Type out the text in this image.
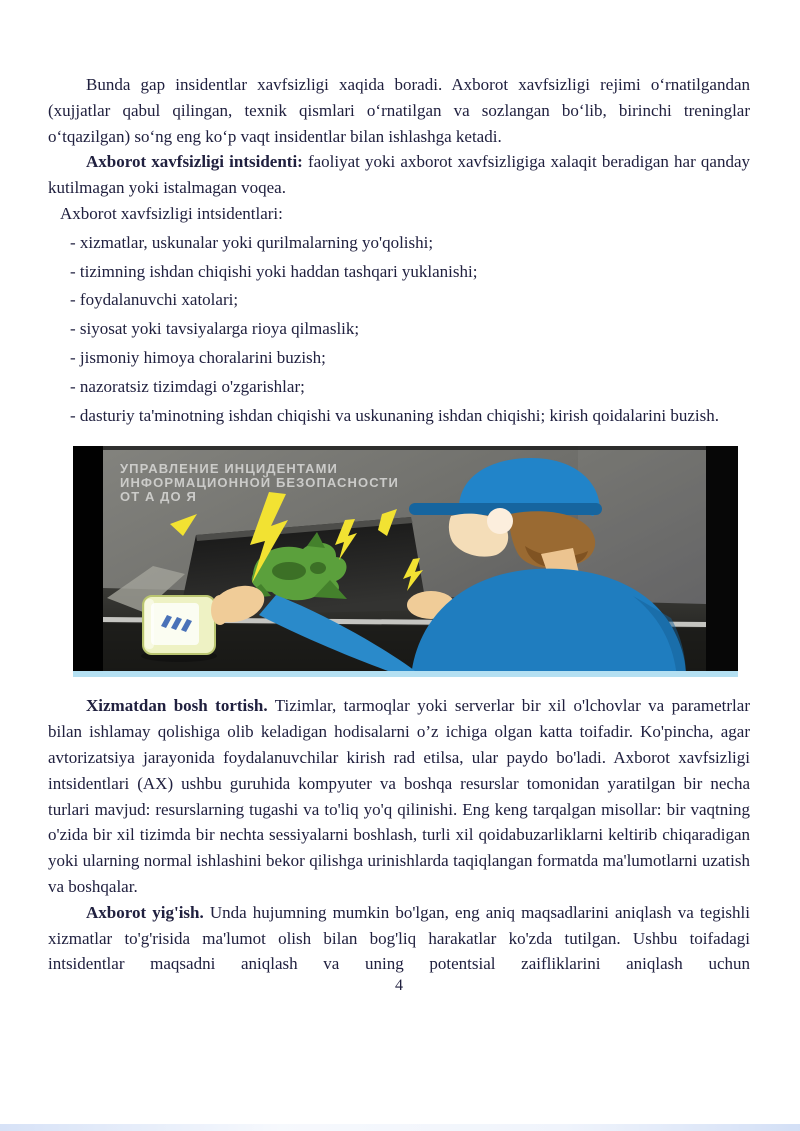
Bunda gap insidentlar xavfsizligi xaqida boradi. Axborot xavfsizligi rejimi o‘rnatilgandan (xujjatlar qabul qilingan, texnik qismlari o‘rnatilgan va sozlangan bo‘lib, birinchi treninglar o‘tqazilgan) so‘ng eng ko‘p vaqt insidentlar bilan ishlashga ketadi.

Axborot xavfsizligi intsidenti: faoliyat yoki axborot xavfsizligiga xalaqit beradigan har qanday kutilmagan yoki istalmagan voqea.

Axborot xavfsizligi intsidentlari:

- xizmatlar, uskunalar yoki qurilmalarning yo'qolishi;

- tizimning ishdan chiqishi yoki haddan tashqari yuklanishi;

- foydalanuvchi xatolari;

- siyosat yoki tavsiyalarga rioya qilmaslik;

- jismoniy himoya choralarini buzish;

- nazoratsiz tizimdagi o'zgarishlar;

- dasturiy ta'minotning ishdan chiqishi va uskunaning ishdan chiqishi; kirish qoidalarini buzish.

УПРАВЛЕНИЕ ИНЦИДЕНТАМИ
ИНФОРМАЦИОННОЙ БЕЗОПАСНОСТИ
ОТ А ДО Я

Xizmatdan bosh tortish. Tizimlar, tarmoqlar yoki serverlar bir xil o'lchovlar va parametrlar bilan ishlamay qolishiga olib keladigan hodisalarni o’z ichiga olgan katta toifadir. Ko'pincha, agar avtorizatsiya jarayonida foydalanuvchilar kirish rad etilsa, ular paydo bo'ladi. Axborot xavfsizligi intsidentlari (AX) ushbu guruhida kompyuter va boshqa resurslar tomonidan yaratilgan bir necha turlari mavjud: resurslarning tugashi va to'liq yo'q qilinishi. Eng keng tarqalgan misollar: bir vaqtning o'zida bir xil tizimda bir nechta sessiyalarni boshlash, turli xil qoidabuzarliklarni keltirib chiqaradigan yoki ularning normal ishlashini bekor qilishga urinishlarda taqiqlangan formatda ma'lumotlarni uzatish va boshqalar.

Axborot yig'ish. Unda hujumning mumkin bo'lgan, eng aniq maqsadlarini aniqlash va tegishli xizmatlar to'g'risida ma'lumot olish bilan bog'liq harakatlar ko'zda tutilgan. Ushbu toifadagi intsidentlar maqsadni aniqlash va uning potentsial zaifliklarini aniqlash uchun

4
